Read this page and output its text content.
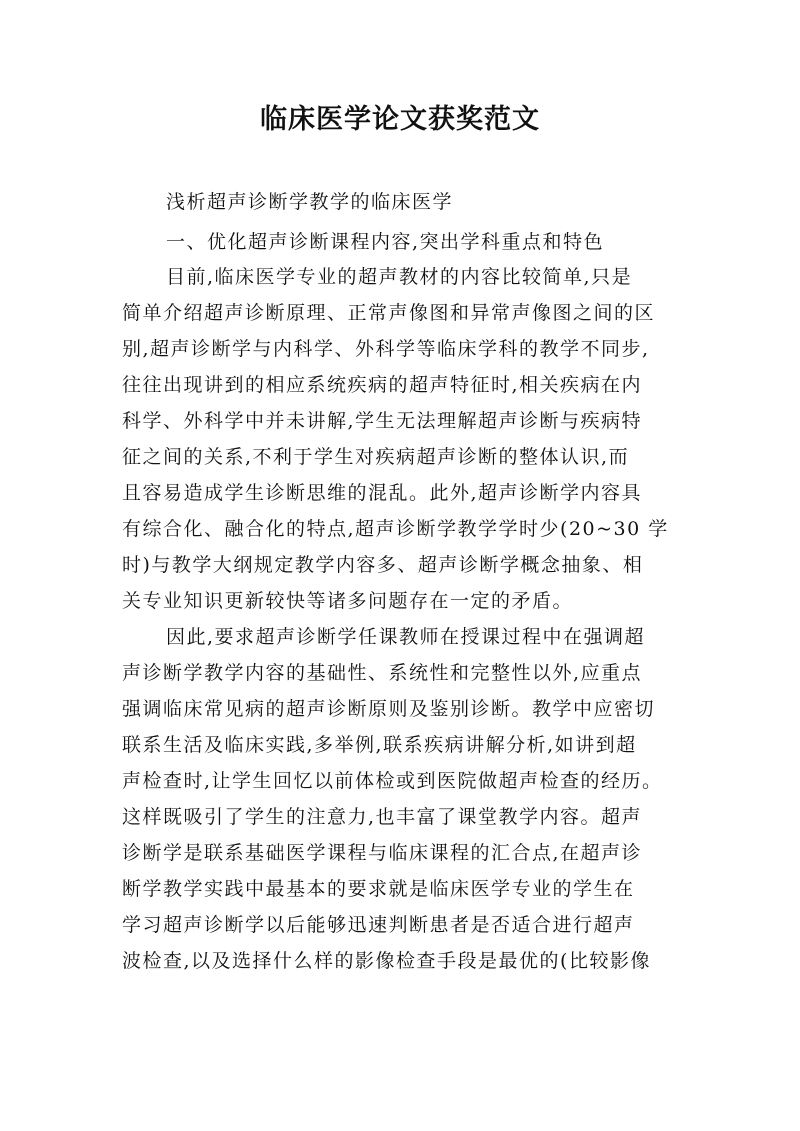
临床医学论文获奖范文
浅析超声诊断学教学的临床医学
一、优化超声诊断课程内容,突出学科重点和特色
目前,临床医学专业的超声教材的内容比较简单,只是
简单介绍超声诊断原理、正常声像图和异常声像图之间的区
别,超声诊断学与内科学、外科学等临床学科的教学不同步,
往往出现讲到的相应系统疾病的超声特征时,相关疾病在内
科学、外科学中并未讲解,学生无法理解超声诊断与疾病特
征之间的关系,不利于学生对疾病超声诊断的整体认识,而
且容易造成学生诊断思维的混乱。此外,超声诊断学内容具
有综合化、融合化的特点,超声诊断学教学学时少(20~30 学
时)与教学大纲规定教学内容多、超声诊断学概念抽象、相
关专业知识更新较快等诸多问题存在一定的矛盾。
因此,要求超声诊断学任课教师在授课过程中在强调超
声诊断学教学内容的基础性、系统性和完整性以外,应重点
强调临床常见病的超声诊断原则及鉴别诊断。教学中应密切
联系生活及临床实践,多举例,联系疾病讲解分析,如讲到超
声检查时,让学生回忆以前体检或到医院做超声检查的经历。
这样既吸引了学生的注意力,也丰富了课堂教学内容。超声
诊断学是联系基础医学课程与临床课程的汇合点,在超声诊
断学教学实践中最基本的要求就是临床医学专业的学生在
学习超声诊断学以后能够迅速判断患者是否适合进行超声
波检查,以及选择什么样的影像检查手段是最优的(比较影像
